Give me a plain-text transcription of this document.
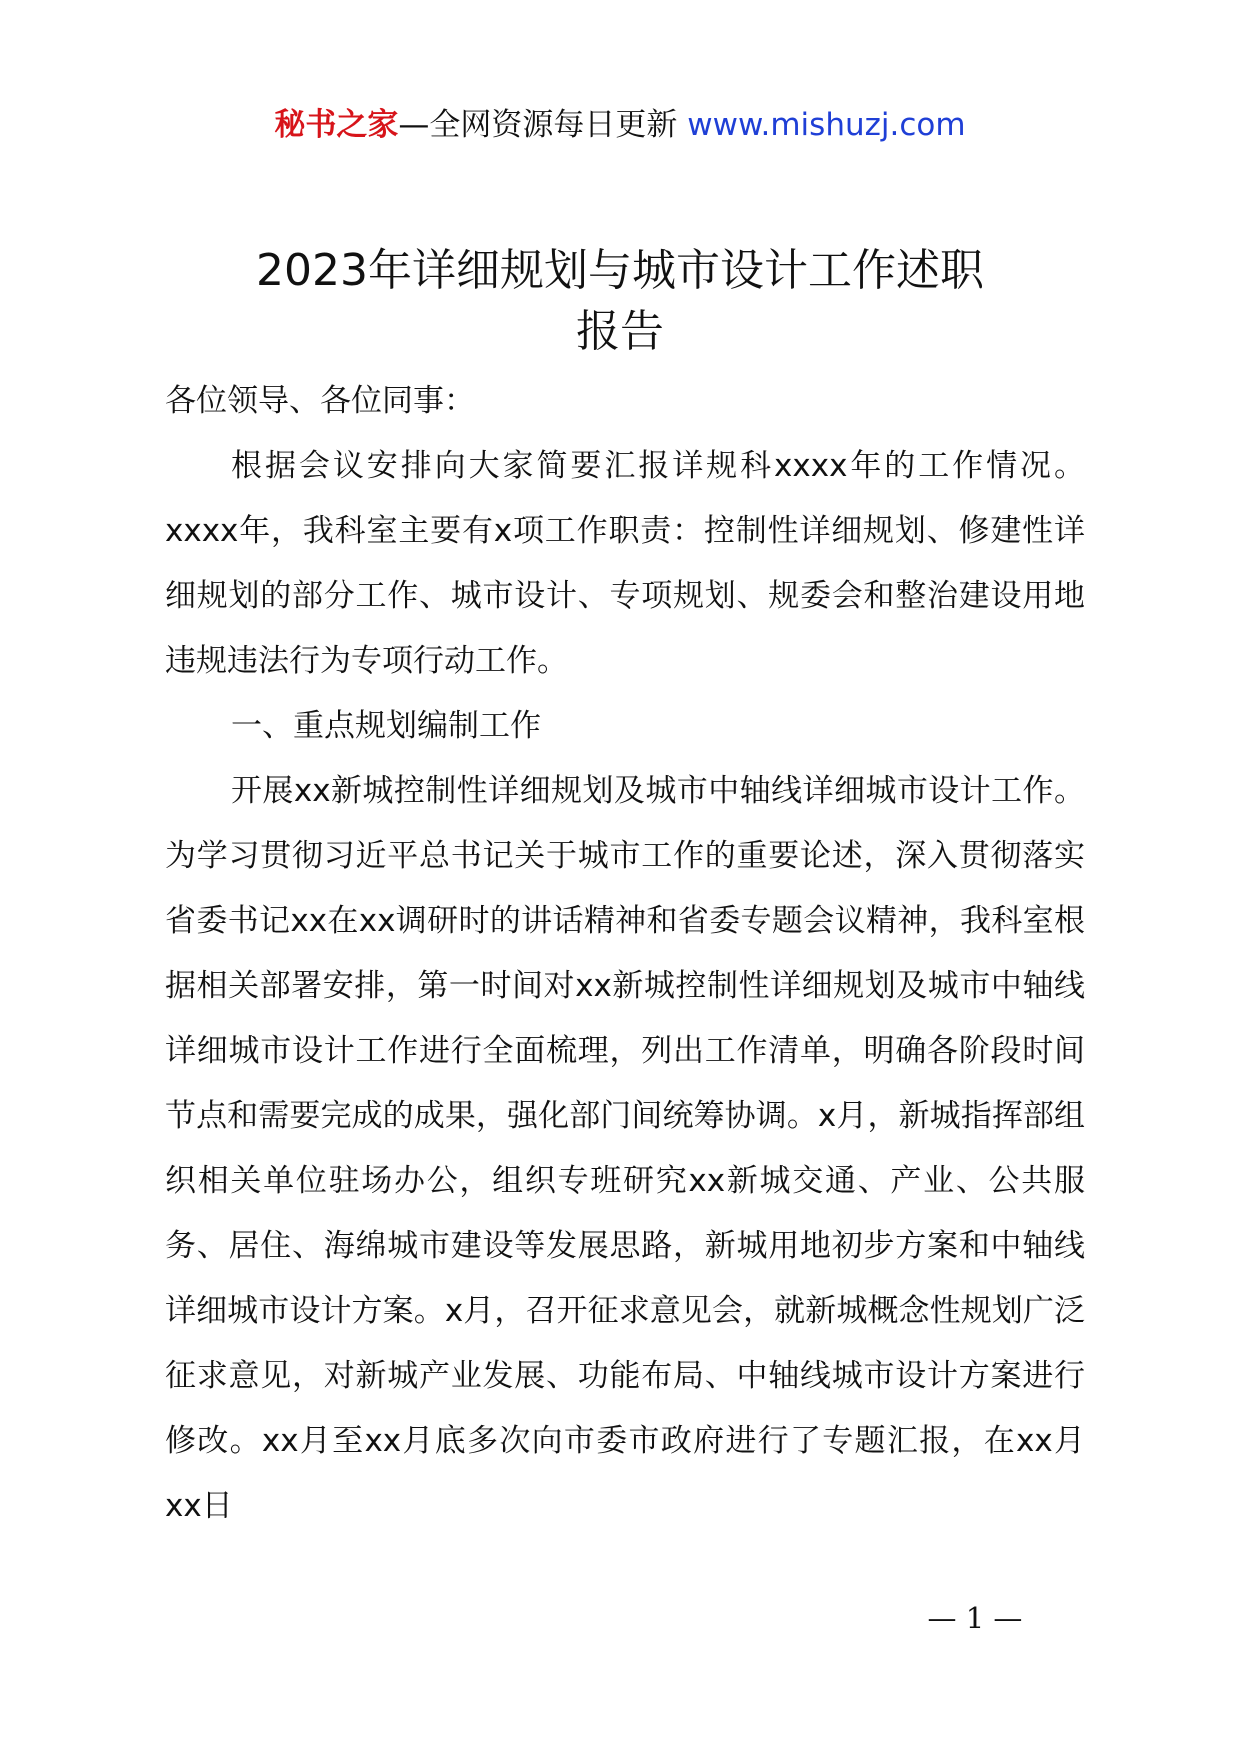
秘书之家—全网资源每日更新 www.mishuzj.com
2023年详细规划与城市设计工作述职
报告

各位领导、各位同事：

根据会议安排向大家简要汇报详规科xxxx年的工作情况。xxxx年，我科室主要有x项工作职责：控制性详细规划、修建性详细规划的部分工作、城市设计、专项规划、规委会和整治建设用地违规违法行为专项行动工作。

一、重点规划编制工作

开展xx新城控制性详细规划及城市中轴线详细城市设计工作。为学习贯彻习近平总书记关于城市工作的重要论述，深入贯彻落实省委书记xx在xx调研时的讲话精神和省委专题会议精神，我科室根据相关部署安排，第一时间对xx新城控制性详细规划及城市中轴线详细城市设计工作进行全面梳理，列出工作清单，明确各阶段时间节点和需要完成的成果，强化部门间统筹协调。x月，新城指挥部组织相关单位驻场办公，组织专班研究xx新城交通、产业、公共服务、居住、海绵城市建设等发展思路，新城用地初步方案和中轴线详细城市设计方案。x月，召开征求意见会，就新城概念性规划广泛征求意见，对新城产业发展、功能布局、中轴线城市设计方案进行修改。xx月至xx月底多次向市委市政府进行了专题汇报，在xx月xx日

— 1 —
